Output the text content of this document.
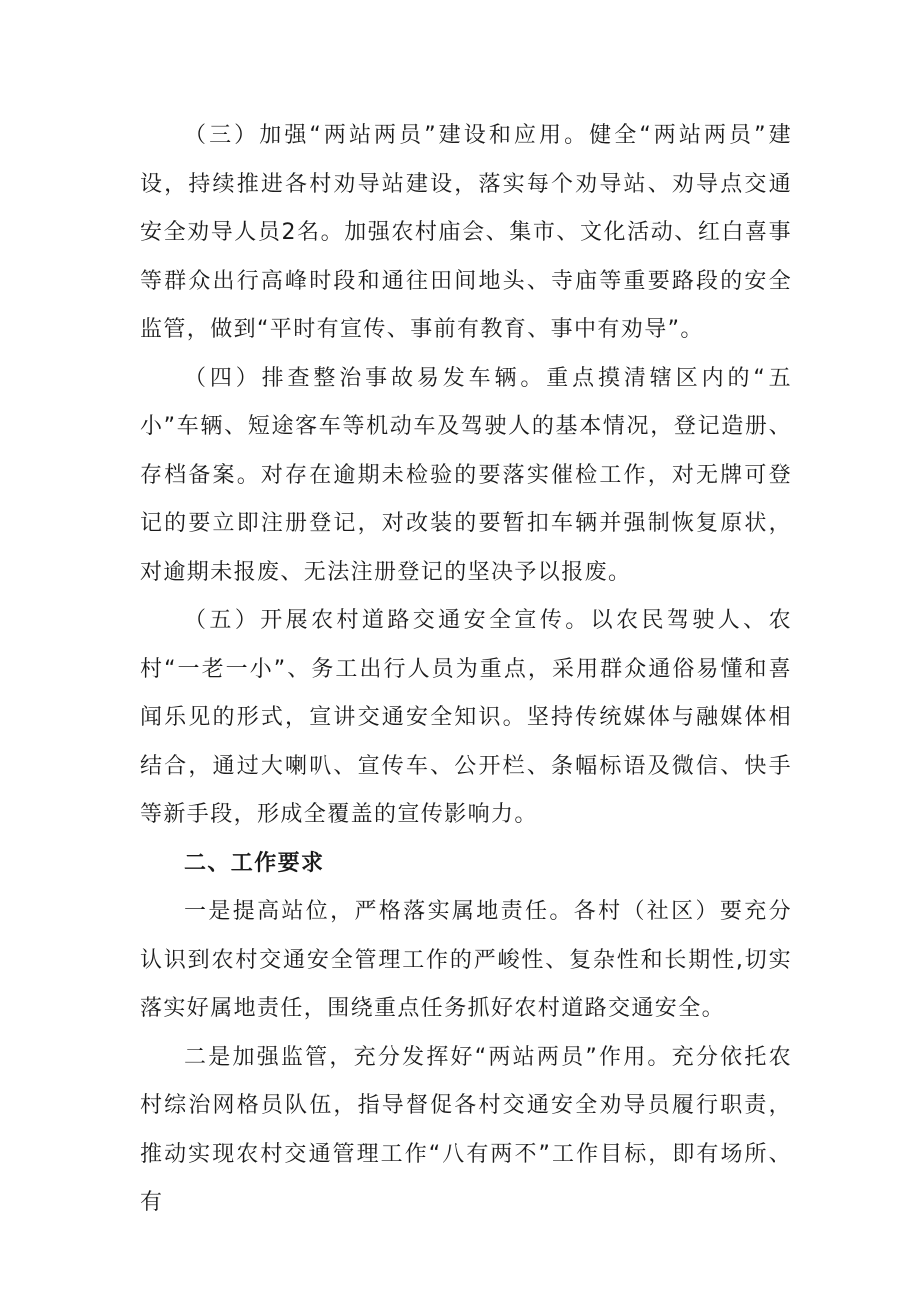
（三）加强“两站两员”建设和应用。健全“两站两员”建设，持续推进各村劝导站建设，落实每个劝导站、劝导点交通安全劝导人员2名。加强农村庙会、集市、文化活动、红白喜事等群众出行高峰时段和通往田间地头、寺庙等重要路段的安全监管，做到“平时有宣传、事前有教育、事中有劝导”。

（四）排查整治事故易发车辆。重点摸清辖区内的“五小”车辆、短途客车等机动车及驾驶人的基本情况，登记造册、存档备案。对存在逾期未检验的要落实催检工作，对无牌可登记的要立即注册登记，对改装的要暂扣车辆并强制恢复原状，对逾期未报废、无法注册登记的坚决予以报废。

（五）开展农村道路交通安全宣传。以农民驾驶人、农村“一老一小”、务工出行人员为重点，采用群众通俗易懂和喜闻乐见的形式，宣讲交通安全知识。坚持传统媒体与融媒体相结合，通过大喇叭、宣传车、公开栏、条幅标语及微信、快手等新手段，形成全覆盖的宣传影响力。

二、工作要求

一是提高站位，严格落实属地责任。各村（社区）要充分认识到农村交通安全管理工作的严峻性、复杂性和长期性,切实落实好属地责任，围绕重点任务抓好农村道路交通安全。

二是加强监管，充分发挥好“两站两员”作用。充分依托农村综治网格员队伍，指导督促各村交通安全劝导员履行职责，推动实现农村交通管理工作“八有两不”工作目标，即有场所、有
